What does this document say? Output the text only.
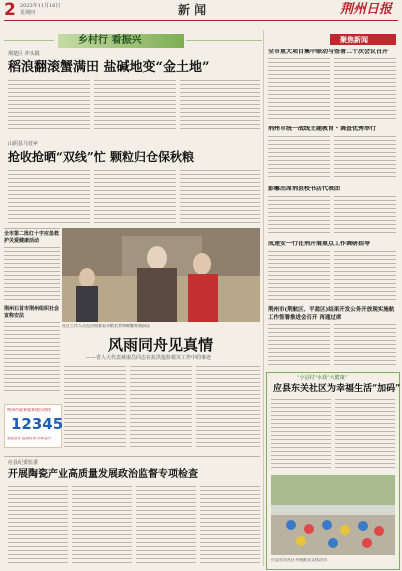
2 2023年11月16日
星期四	新 闻	荆州日报
乡村行 看振兴
荆楚区 冲头镇
稻浪翻滚蟹满田 盐碱地变“金土地”
山阴县马营乡
抢收抢晒“双线”忙 颗粒归仓保秋粮
全市第二批红十字应急救护关爱健康活动
荆州石首市荆州组织社会宣称安法
荆州市政务服务便民热线
12345
欢迎批评·监督检查·效率提升
社区工作人员在田间查看水稻长势和螃蟹养殖情况
风雨同舟见真情
——省人大代表黄康昌同志在抗洪抢险救灾工作中的事迹
应县纪委监委
开展陶瓷产业高质量发展政治监督专项检查
聚焦新闻
全市重大项目集中联动与签署二十次会议召开
荆州市统一战线主题教育・调查优秀举行
彭雕出席荆县校书店代表团
成速安一行在荆开展重点工作调研指导
荆州市(荆航区、平盈区)结果开发公务开放现实施航工作签署推进会召开 再通过席
“小县村“水我”大健康”
应县东关社区为幸福生活“加码”
应县东关社区开展群众文体活动
